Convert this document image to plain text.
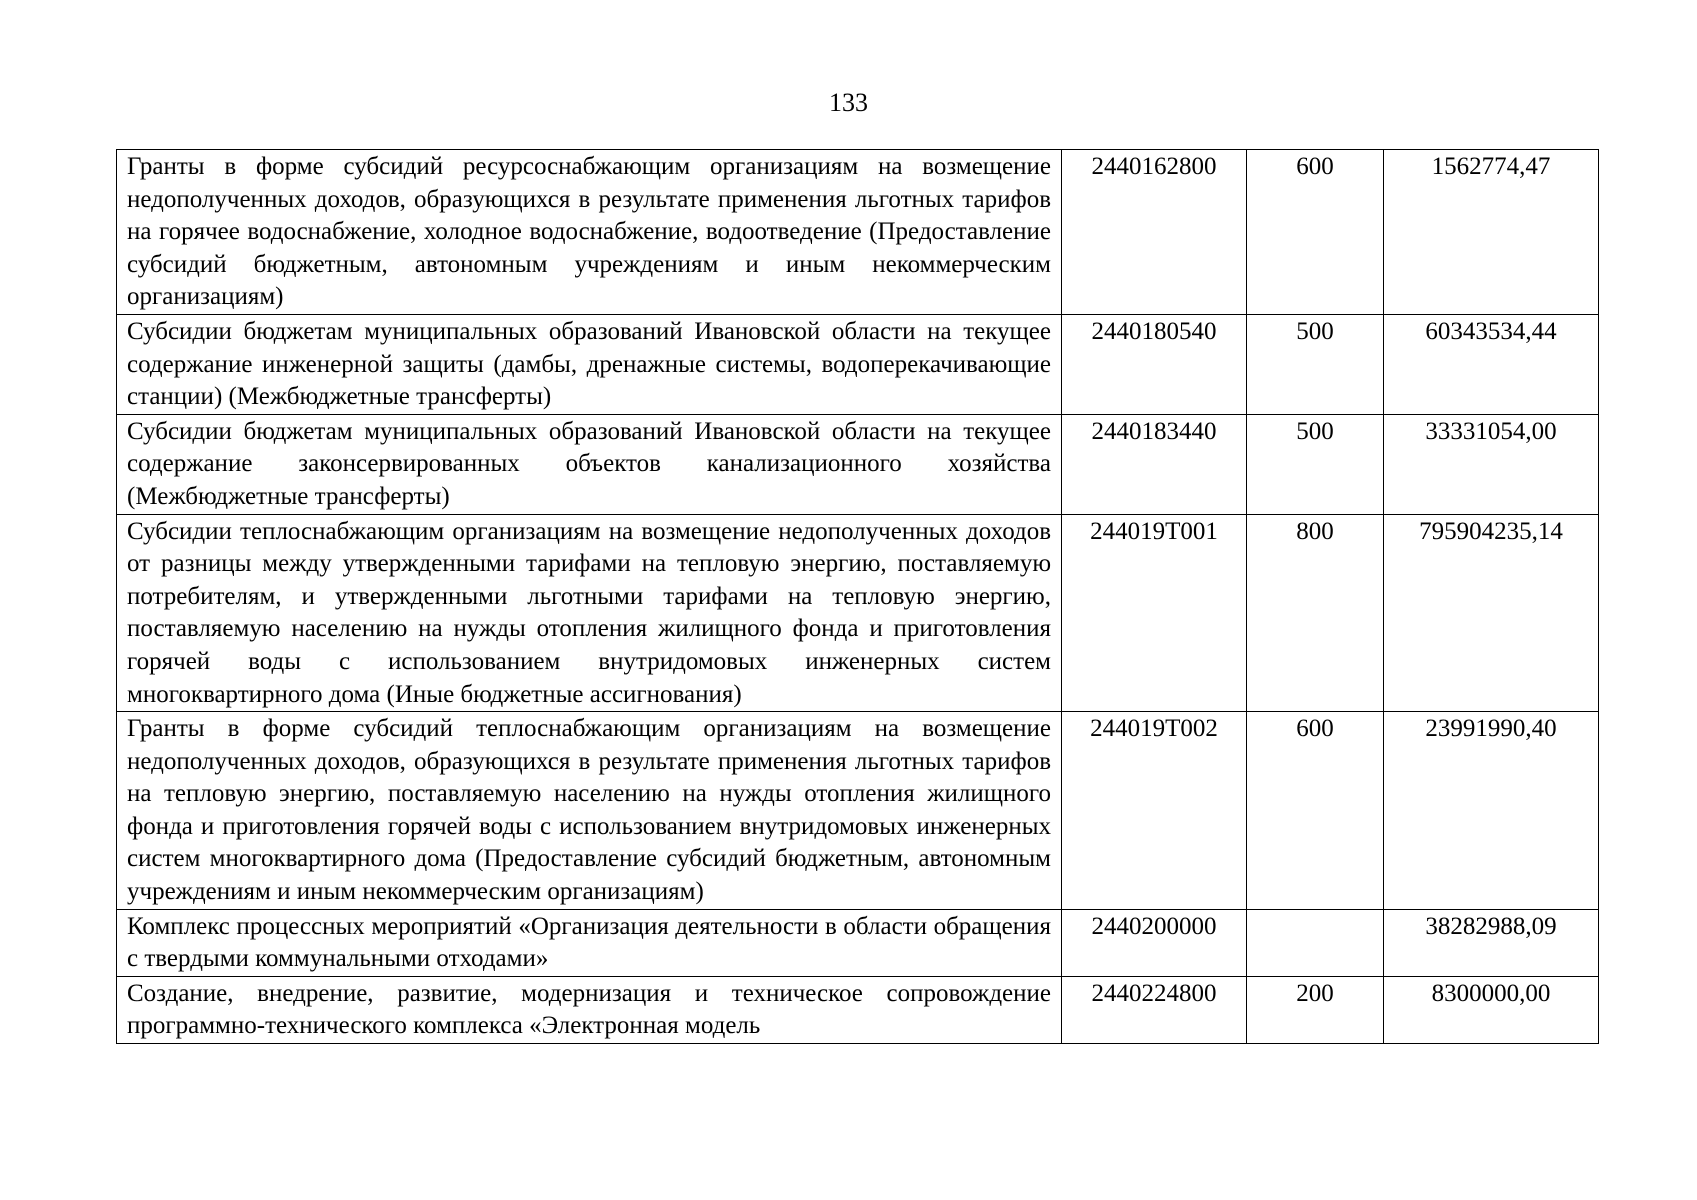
133
Гранты в форме субсидий ресурсоснабжающим организациям на возмещение недополученных доходов, образующихся в результате применения льготных тарифов на горячее водоснабжение, холодное водоснабжение, водоотведение (Предоставление субсидий бюджетным, автономным учреждениям и иным некоммерческим организациям)	2440162800	600	1562774,47
Субсидии бюджетам муниципальных образований Ивановской области на текущее содержание инженерной защиты (дамбы, дренажные системы, водоперекачивающие станции) (Межбюджетные трансферты)	2440180540	500	60343534,44
Субсидии бюджетам муниципальных образований Ивановской области на текущее содержание законсервированных объектов канализационного хозяйства (Межбюджетные трансферты)	2440183440	500	33331054,00
Субсидии теплоснабжающим организациям на возмещение недополученных доходов от разницы между утвержденными тарифами на тепловую энергию, поставляемую потребителям, и утвержденными льготными тарифами на тепловую энергию, поставляемую населению на нужды отопления жилищного фонда и приготовления горячей воды с использованием внутридомовых инженерных систем многоквартирного дома (Иные бюджетные ассигнования)	244019Т001	800	795904235,14
Гранты в форме субсидий теплоснабжающим организациям на возмещение недополученных доходов, образующихся в результате применения льготных тарифов на тепловую энергию, поставляемую населению на нужды отопления жилищного фонда и приготовления горячей воды с использованием внутридомовых инженерных систем многоквартирного дома (Предоставление субсидий бюджетным, автономным учреждениям и иным некоммерческим организациям)	244019Т002	600	23991990,40
Комплекс процессных мероприятий «Организация деятельности в области обращения с твердыми коммунальными отходами»	2440200000		38282988,09
Создание, внедрение, развитие, модернизация и техническое сопровождение программно-технического комплекса «Электронная модель	2440224800	200	8300000,00
